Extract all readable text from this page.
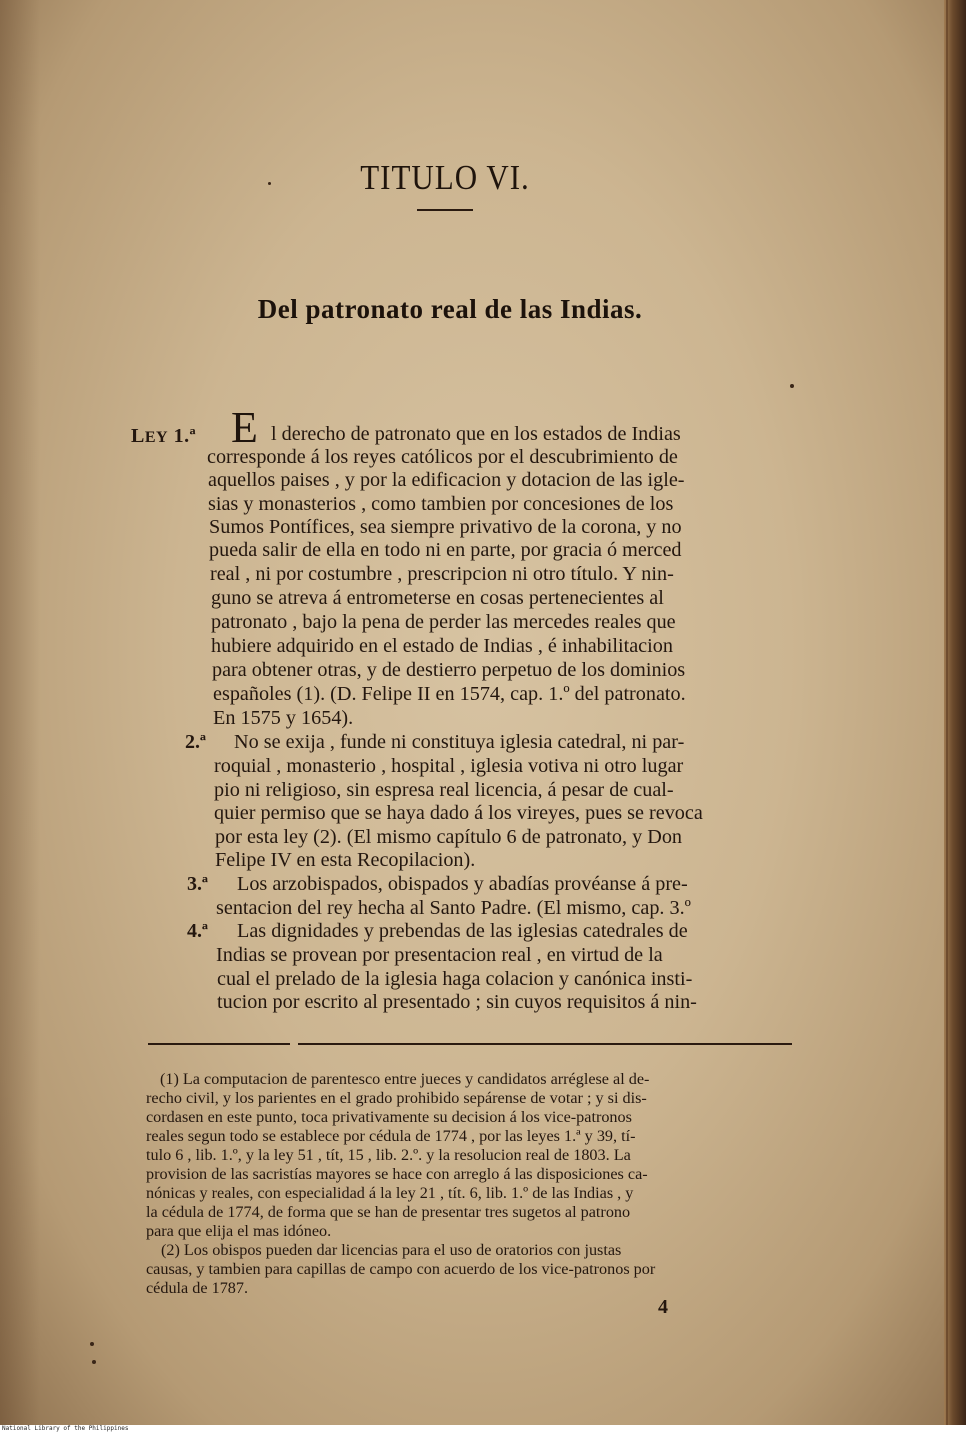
TITULO VI.
Del patronato real de las Indias.
LEY 1.ª E l derecho de patronato que en los estados de Indias
corresponde á los reyes católicos por el descubrimiento de
aquellos paises , y por la edificacion y dotacion de las igle-
sias y monasterios , como tambien por concesiones de los
Sumos Pontífices, sea siempre privativo de la corona, y no
pueda salir de ella en todo ni en parte, por gracia ó merced
real , ni por costumbre , prescripcion ni otro título. Y nin-
guno se atreva á entrometerse en cosas pertenecientes al
patronato , bajo la pena de perder las mercedes reales que
hubiere adquirido en el estado de Indias , é inhabilitacion
para obtener otras, y de destierro perpetuo de los dominios
españoles (1). (D. Felipe II en 1574, cap. 1.º del patronato.
En 1575 y 1654).
2.ª No se exija , funde ni constituya iglesia catedral, ni par-
roquial , monasterio , hospital , iglesia votiva ni otro lugar
pio ni religioso, sin espresa real licencia, á pesar de cual-
quier permiso que se haya dado á los vireyes, pues se revoca
por esta ley (2). (El mismo capítulo 6 de patronato, y Don
Felipe IV en esta Recopilacion).
3.ª Los arzobispados, obispados y abadías provéanse á pre-
sentacion del rey hecha al Santo Padre. (El mismo, cap. 3.º
4.ª Las dignidades y prebendas de las iglesias catedrales de
Indias se provean por presentacion real , en virtud de la
cual el prelado de la iglesia haga colacion y canónica insti-
tucion por escrito al presentado ; sin cuyos requisitos á nin-
(1) La computacion de parentesco entre jueces y candidatos arréglese al de-
recho civil, y los parientes en el grado prohibido sepárense de votar ; y si dis-
cordasen en este punto, toca privativamente su decision á los vice-patronos
reales segun todo se establece por cédula de 1774 , por las leyes 1.ª y 39, tí-
tulo 6 , lib. 1.º, y la ley 51 , tít, 15 , lib. 2.º. y la resolucion real de 1803. La
provision de las sacristías mayores se hace con arreglo á las disposiciones ca-
nónicas y reales, con especialidad á la ley 21 , tít. 6, lib. 1.º de las Indias , y
la cédula de 1774, de forma que se han de presentar tres sugetos al patrono
para que elija el mas idóneo.
(2) Los obispos pueden dar licencias para el uso de oratorios con justas
causas, y tambien para capillas de campo con acuerdo de los vice-patronos por
cédula de 1787.
4
National Library of the Philippines
